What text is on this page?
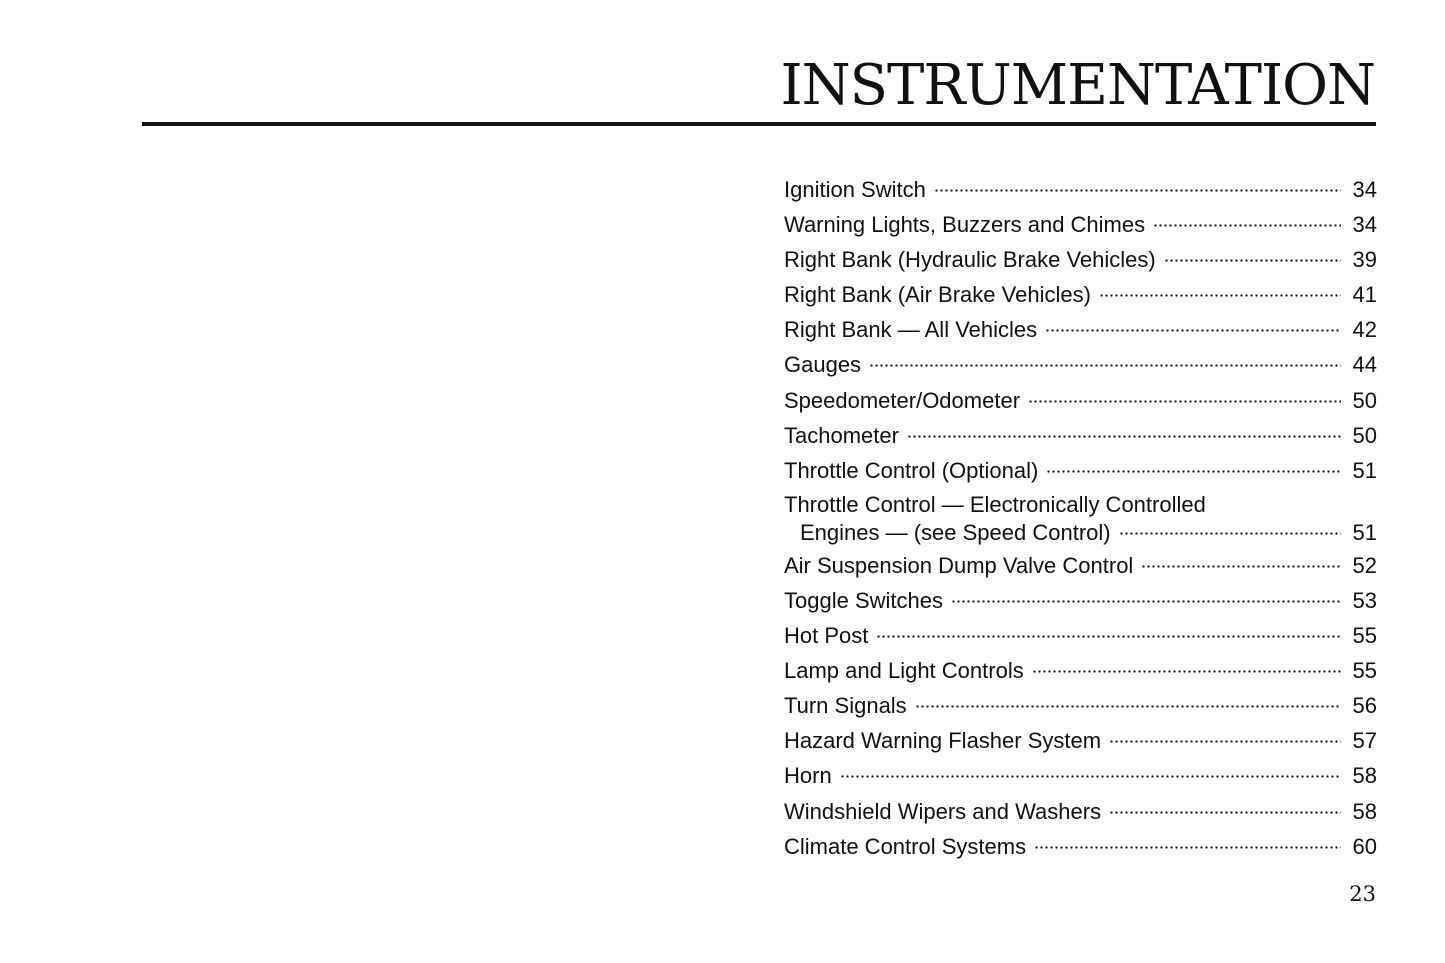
INSTRUMENTATION
Ignition Switch	34
Warning Lights, Buzzers and Chimes	34
Right Bank (Hydraulic Brake Vehicles)	39
Right Bank (Air Brake Vehicles)	41
Right Bank — All Vehicles	42
Gauges	44
Speedometer/Odometer	50
Tachometer	50
Throttle Control (Optional)	51
Throttle Control — Electronically Controlled
Engines — (see Speed Control)	51
Air Suspension Dump Valve Control	52
Toggle Switches	53
Hot Post	55
Lamp and Light Controls	55
Turn Signals	56
Hazard Warning Flasher System	57
Horn	58
Windshield Wipers and Washers	58
Climate Control Systems	60
23
